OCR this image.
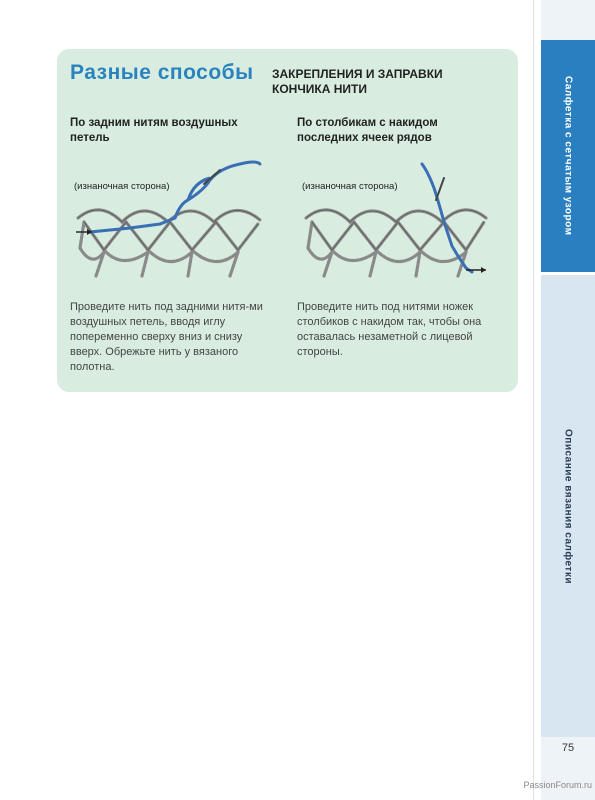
Салфетка с сетчатым узором
Описание вязания салфетки
Разные способы ЗАКРЕПЛЕНИЯ И ЗАПРАВКИ КОНЧИКА НИТИ
По задним нитям воздушных петель
По столбикам с накидом последних ячеек рядов
(изнаночная сторона)	(изнаночная сторона)
Проведите нить под задними нитя-ми воздушных петель, вводя иглу попеременно сверху вниз и снизу вверх. Обрежьте нить у вязаного полотна.
Проведите нить под нитями ножек столбиков с накидом так, чтобы она оставалась незаметной с лицевой стороны.
75
PassionForum.ru
